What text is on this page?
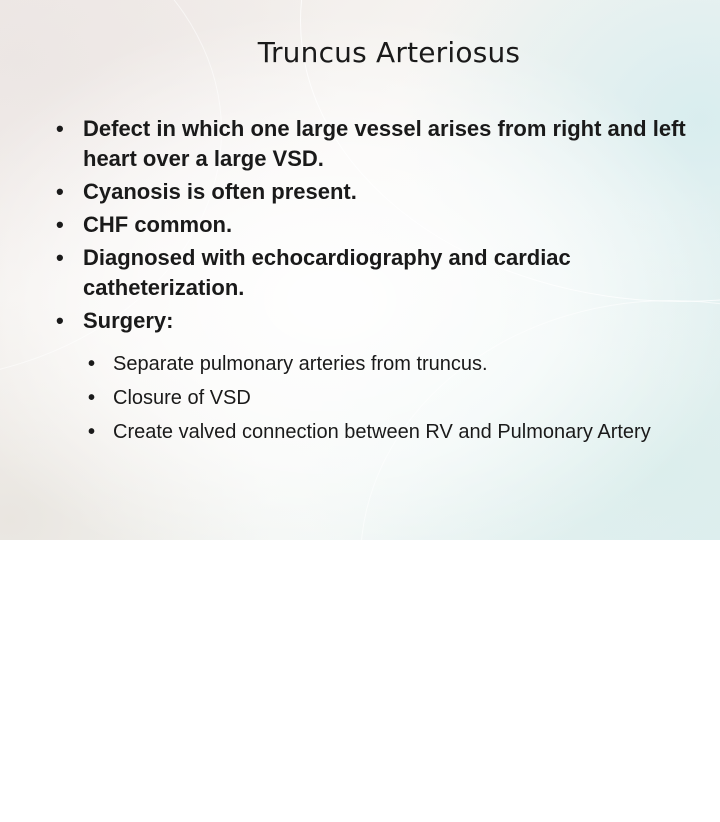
Truncus Arteriosus
• Defect in which one large vessel arises from right and left heart over a large VSD.
• Cyanosis is often present.
• CHF common.
• Diagnosed with echocardiography and cardiac catheterization.
• Surgery:
• Separate pulmonary arteries from truncus.
• Closure of VSD
• Create valved connection between RV and Pulmonary Artery
